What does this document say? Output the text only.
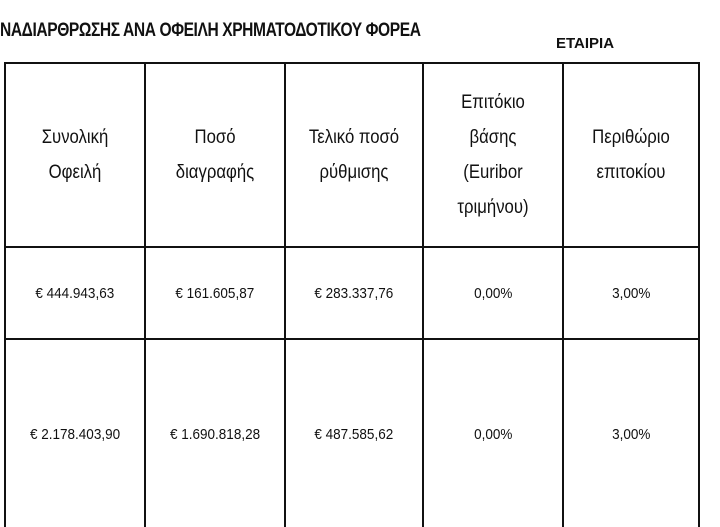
ΝΑΔΙΑΡΘΡΩΣΗΣ ΑΝΑ ΟΦΕΙΛΗ ΧΡΗΜΑΤΟΔΟΤΙΚΟΥ ΦΟΡΕΑ
ΕΤΑΙΡΙΑ
Συνολική Οφειλή	Ποσό διαγραφής	Τελικό ποσό ρύθμισης	Επιτόκιο βάσης (Euribor τριμήνου)	Περιθώριο επιτοκίου
€ 444.943,63	€ 161.605,87	€ 283.337,76	0,00%	3,00%
€ 2.178.403,90	€ 1.690.818,28	€ 487.585,62	0,00%	3,00%
